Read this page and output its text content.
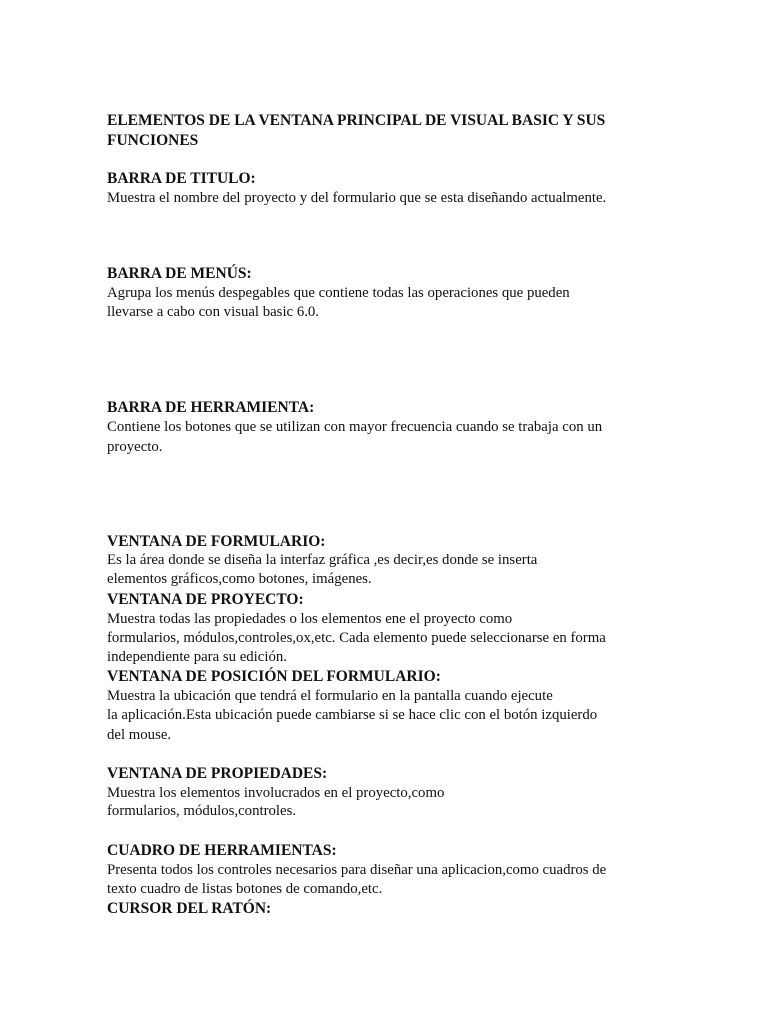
ELEMENTOS DE LA VENTANA PRINCIPAL DE VISUAL BASIC Y SUS
FUNCIONES
BARRA DE TITULO:
Muestra el nombre del proyecto y del formulario que se esta diseñando actualmente.
BARRA DE MENÚS:
Agrupa los menús despegables que contiene todas las operaciones que pueden
llevarse a cabo con visual basic 6.0.
BARRA DE HERRAMIENTA:
Contiene los botones que se utilizan con mayor frecuencia cuando se trabaja con un
proyecto.
VENTANA DE FORMULARIO:
Es la área donde se diseña la interfaz gráfica ,es decir,es donde se inserta
elementos gráficos,como botones, imágenes.
VENTANA DE PROYECTO:
Muestra todas las propiedades o los elementos ene el proyecto como
formularios, módulos,controles,ox,etc. Cada elemento puede seleccionarse en forma
independiente para su edición.
VENTANA DE POSICIÓN DEL FORMULARIO:
Muestra la ubicación que tendrá el formulario en la pantalla cuando ejecute
la aplicación.Esta ubicación puede cambiarse si se hace clic con el botón izquierdo
del mouse.
VENTANA DE PROPIEDADES:
Muestra los elementos involucrados en el proyecto,como
formularios, módulos,controles.
CUADRO DE HERRAMIENTAS:
Presenta todos los controles necesarios para diseñar una aplicacion,como cuadros de
texto cuadro de listas botones de comando,etc.
CURSOR DEL RATÓN:
